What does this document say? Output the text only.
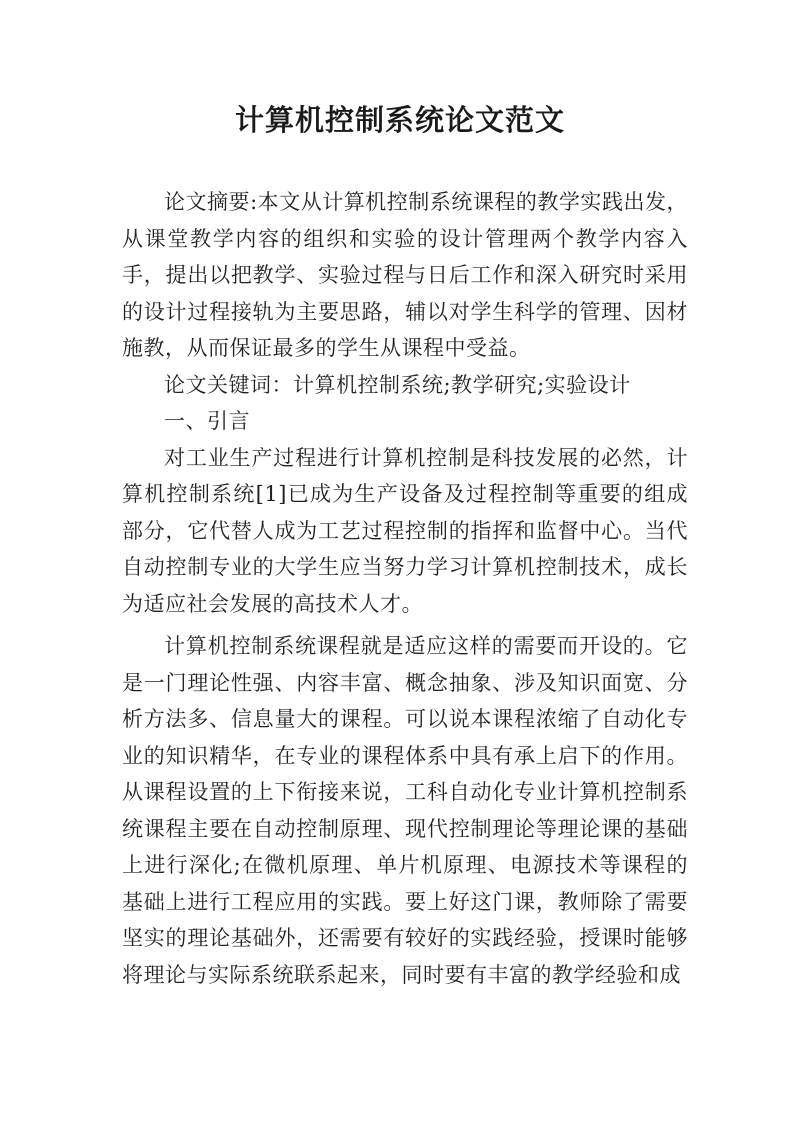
计算机控制系统论文范文

论文摘要:本文从计算机控制系统课程的教学实践出发，从课堂教学内容的组织和实验的设计管理两个教学内容入手，提出以把教学、实验过程与日后工作和深入研究时采用的设计过程接轨为主要思路，辅以对学生科学的管理、因材施教，从而保证最多的学生从课程中受益。

论文关键词：计算机控制系统;教学研究;实验设计

一、引言

对工业生产过程进行计算机控制是科技发展的必然，计算机控制系统[1]已成为生产设备及过程控制等重要的组成部分，它代替人成为工艺过程控制的指挥和监督中心。当代自动控制专业的大学生应当努力学习计算机控制技术，成长为适应社会发展的高技术人才。

计算机控制系统课程就是适应这样的需要而开设的。它是一门理论性强、内容丰富、概念抽象、涉及知识面宽、分析方法多、信息量大的课程。可以说本课程浓缩了自动化专业的知识精华，在专业的课程体系中具有承上启下的作用。从课程设置的上下衔接来说，工科自动化专业计算机控制系统课程主要在自动控制原理、现代控制理论等理论课的基础上进行深化;在微机原理、单片机原理、电源技术等课程的基础上进行工程应用的实践。要上好这门课，教师除了需要坚实的理论基础外，还需要有较好的实践经验，授课时能够将理论与实际系统联系起来，同时要有丰富的教学经验和成
